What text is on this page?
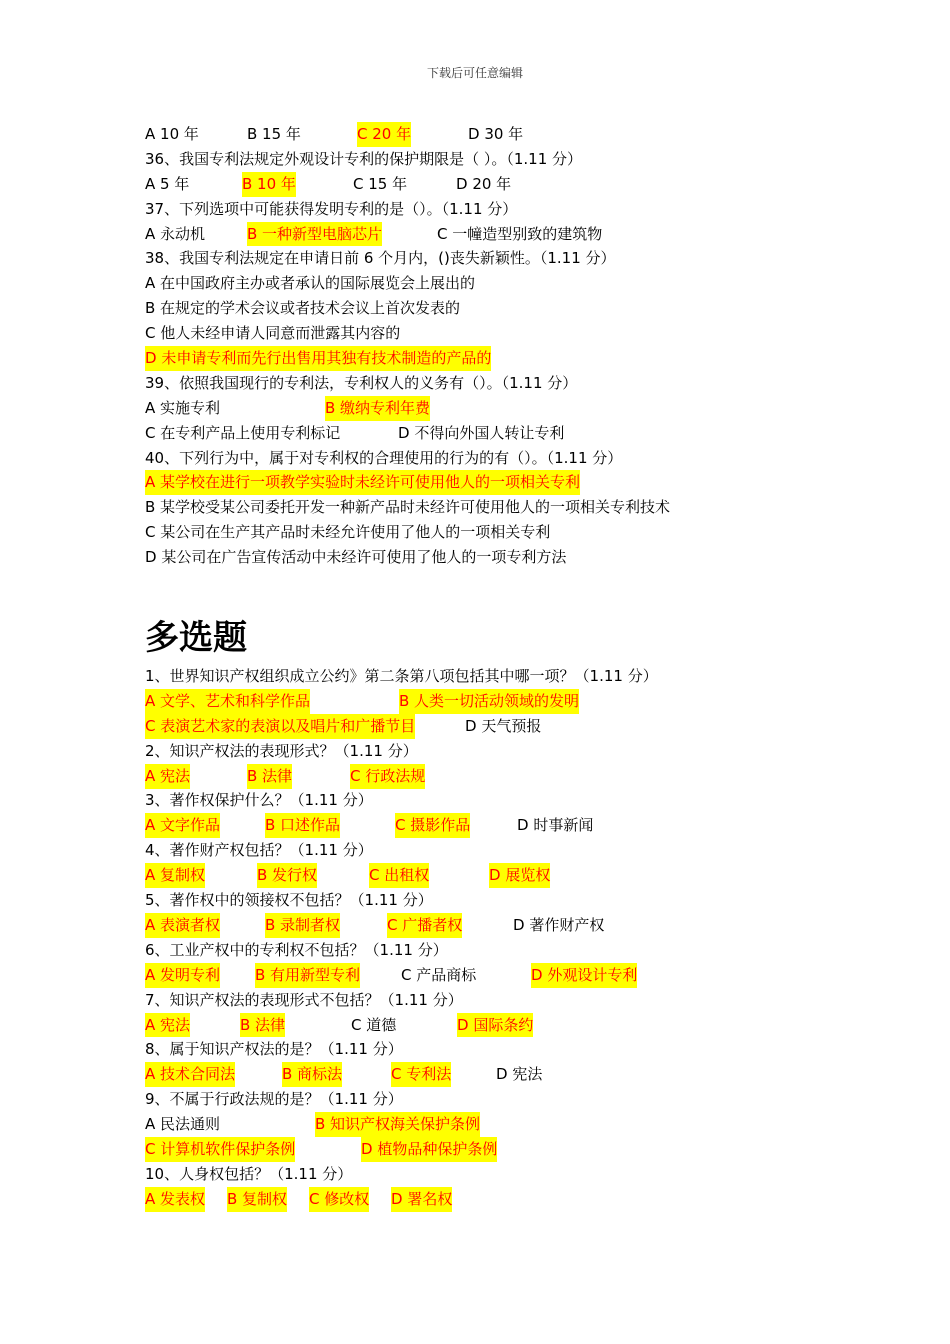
下载后可任意编辑
A 10 年	B 15 年	C 20 年	D 30 年
36、我国专利法规定外观设计专利的保护期限是（ ）。（1.11 分）
A 5 年	B 10 年	C 15 年	D 20 年
37、下列选项中可能获得发明专利的是（）。（1.11 分）
A 永动机	B 一种新型电脑芯片	C 一幢造型别致的建筑物
38、我国专利法规定在申请日前 6 个月内，()丧失新颖性。（1.11 分）
A 在中国政府主办或者承认的国际展览会上展出的
B 在规定的学术会议或者技术会议上首次发表的
C 他人未经申请人同意而泄露其内容的
D 未申请专利而先行出售用其独有技术制造的产品的
39、依照我国现行的专利法，专利权人的义务有（）。（1.11 分）
A 实施专利	B 缴纳专利年费
C 在专利产品上使用专利标记	D 不得向外国人转让专利
40、下列行为中，属于对专利权的合理使用的行为的有（）。（1.11 分）
A 某学校在进行一项教学实验时未经许可使用他人的一项相关专利
B 某学校受某公司委托开发一种新产品时未经许可使用他人的一项相关专利技术
C 某公司在生产其产品时未经允许使用了他人的一项相关专利
D 某公司在广告宣传活动中未经许可使用了他人的一项专利方法
多选题
1、世界知识产权组织成立公约》第二条第八项包括其中哪一项？（1.11 分）
A 文学、艺术和科学作品	B 人类一切活动领域的发明
C 表演艺术家的表演以及唱片和广播节目	D 天气预报
2、知识产权法的表现形式？（1.11 分）
A 宪法	B 法律	C 行政法规
3、著作权保护什么？（1.11 分）
A 文字作品	B 口述作品	C 摄影作品	D 时事新闻
4、著作财产权包括？（1.11 分）
A 复制权	B 发行权	C 出租权	D 展览权
5、著作权中的领接权不包括？（1.11 分）
A 表演者权	B 录制者权	C 广播者权	D 著作财产权
6、工业产权中的专利权不包括？（1.11 分）
A 发明专利 B 有用新型专利	C 产品商标	D 外观设计专利
7、知识产权法的表现形式不包括？（1.11 分）
A 宪法	B 法律	C 道德	D 国际条约
8、属于知识产权法的是？（1.11 分）
A 技术合同法	B 商标法	C 专利法	D 宪法
9、不属于行政法规的是？（1.11 分）
A 民法通则	B 知识产权海关保护条例
C 计算机软件保护条例	D 植物品种保护条例
10、人身权包括？（1.11 分）
A 发表权 B 复制权 C 修改权 D 署名权
